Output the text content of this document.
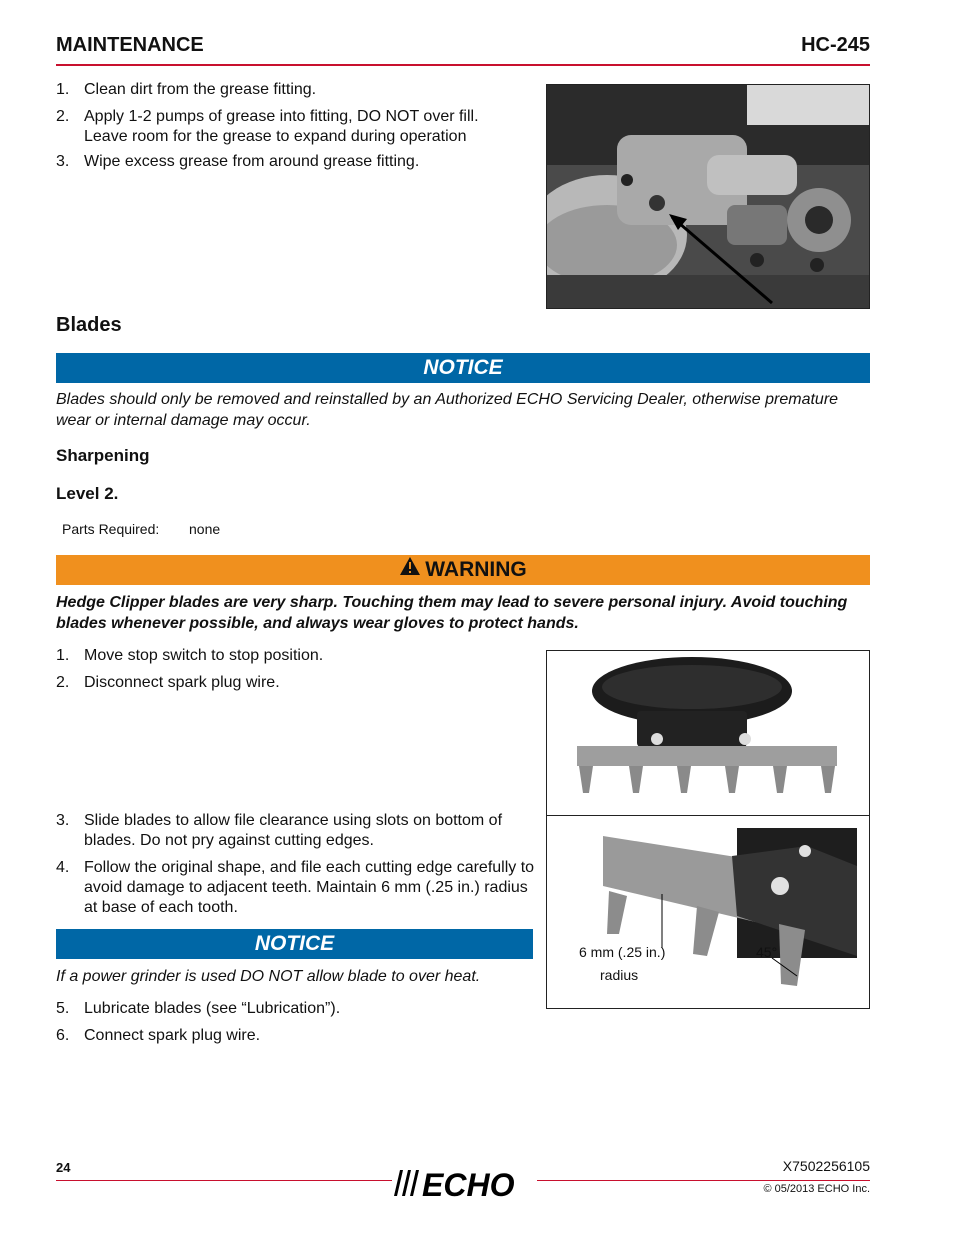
MAINTENANCE	HC-245
1. Clean dirt from the grease fitting.
2. Apply 1-2 pumps of grease into fitting, DO NOT over fill. Leave room for the grease to expand during operation
3. Wipe excess grease from around grease fitting.
Blades
NOTICE
Blades should only be removed and reinstalled by an Authorized ECHO Servicing Dealer, otherwise premature wear or internal damage may occur.
Sharpening
Level 2.
Parts Required: none
WARNING
Hedge Clipper blades are very sharp. Touching them may lead to severe personal injury. Avoid touching blades whenever possible, and always wear gloves to protect hands.
1. Move stop switch to stop position.
2. Disconnect spark plug wire.
3. Slide blades to allow file clearance using slots on bottom of blades. Do not pry against cutting edges.
4. Follow the original shape, and file each cutting edge carefully to avoid damage to adjacent teeth. Maintain 6 mm (.25 in.) radius at base of each tooth.
NOTICE
If a power grinder is used DO NOT allow blade to over heat.
5. Lubricate blades (see “Lubrication”).
6. Connect spark plug wire.
6 mm (.25 in.)
radius
45°
24	X7502256105
ECHO	© 05/2013 ECHO Inc.
